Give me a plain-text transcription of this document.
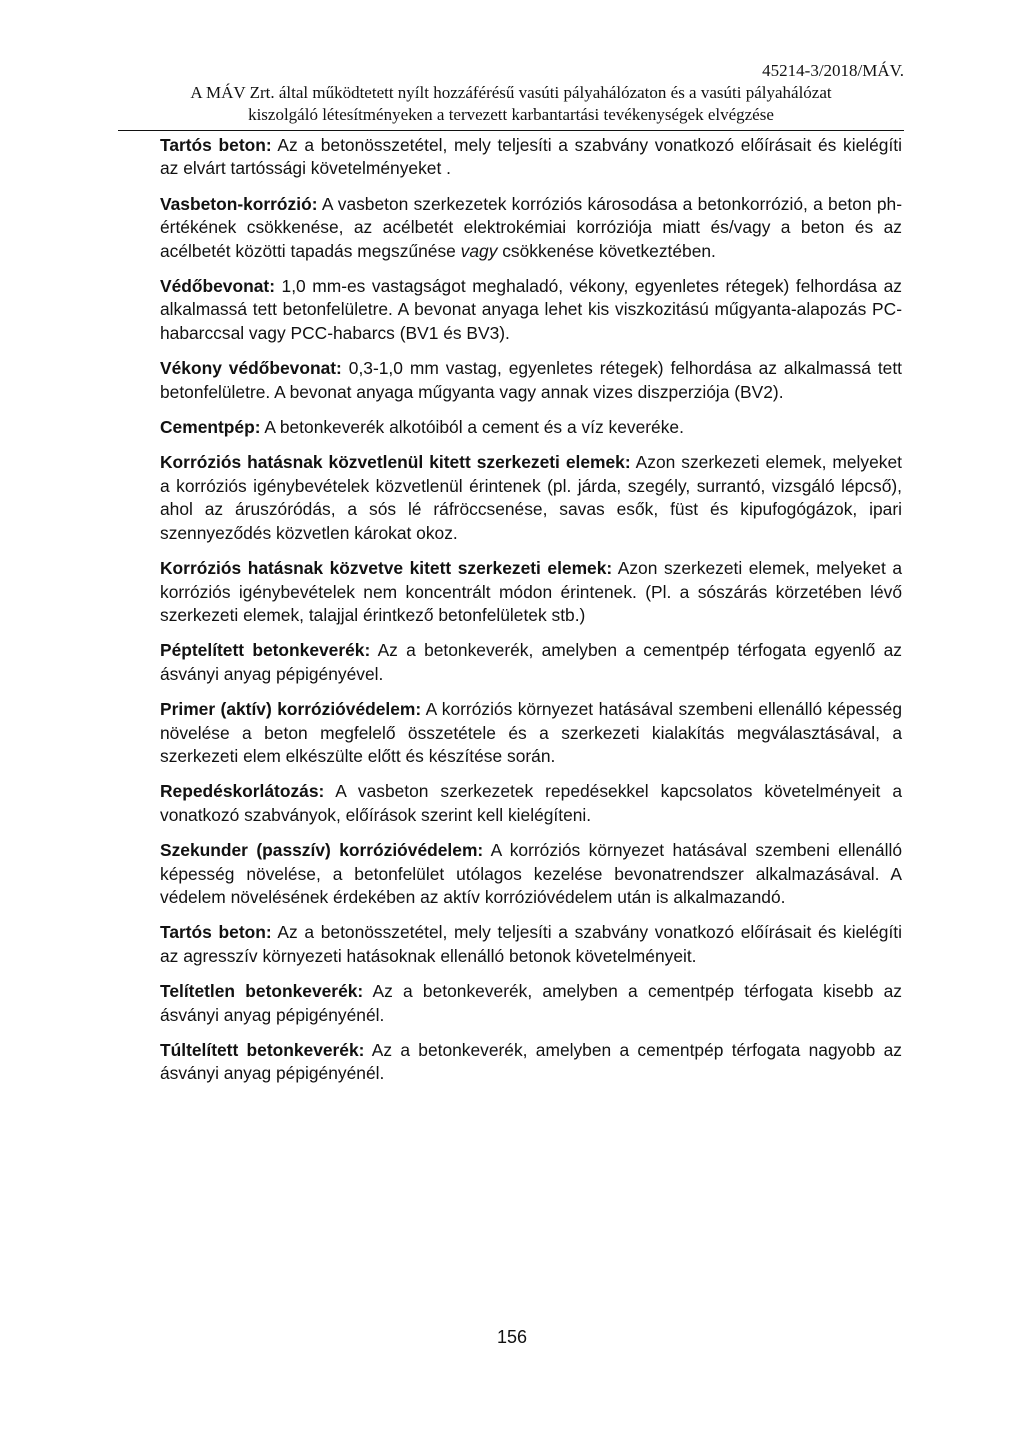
45214-3/2018/MÁV.
A MÁV Zrt. által működtetett nyílt hozzáférésű vasúti pályahálózaton és a vasúti pályahálózat
kiszolgáló létesítményeken a tervezett karbantartási tevékenységek elvégzése

Tartós beton: Az a betonösszetétel, mely teljesíti a szabvány vonatkozó előírásait és kielégíti az elvárt tartóssági követelményeket .

Vasbeton-korrózió: A vasbeton szerkezetek korróziós károsodása a betonkorrózió, a beton ph-értékének csökkenése, az acélbetét elektrokémiai korróziója miatt és/vagy a beton és az acélbetét közötti tapadás megszűnése vagy csökkenése következtében.

Védőbevonat: 1,0 mm-es vastagságot meghaladó, vékony, egyenletes rétegek) felhordása az alkalmassá tett betonfelületre. A bevonat anyaga lehet kis viszkozitású műgyanta-alapozás PC-habarccsal vagy PCC-habarcs (BV1 és BV3).

Vékony védőbevonat: 0,3-1,0 mm vastag, egyenletes rétegek) felhordása az alkalmassá tett betonfelületre. A bevonat anyaga műgyanta vagy annak vizes diszperziója (BV2).

Cementpép: A betonkeverék alkotóiból a cement és a víz keveréke.

Korróziós hatásnak közvetlenül kitett szerkezeti elemek: Azon szerkezeti elemek, melyeket a korróziós igénybevételek közvetlenül érintenek (pl. járda, szegély, surrantó, vizsgáló lépcső), ahol az áruszóródás, a sós lé ráfröccsenése, savas esők, füst és kipufogógázok, ipari szennyeződés közvetlen károkat okoz.

Korróziós hatásnak közvetve kitett szerkezeti elemek: Azon szerkezeti elemek, melyeket a korróziós igénybevételek nem koncentrált módon érintenek. (Pl. a sószárás körzetében lévő szerkezeti elemek, talajjal érintkező betonfelületek stb.)

Péptelített betonkeverék: Az a betonkeverék, amelyben a cementpép térfogata egyenlő az ásványi anyag pépigényével.

Primer (aktív) korrózióvédelem: A korróziós környezet hatásával szembeni ellenálló képesség növelése a beton megfelelő összetétele és a szerkezeti kialakítás megválasztásával, a szerkezeti elem elkészülte előtt és készítése során.

Repedéskorlátozás: A vasbeton szerkezetek repedésekkel kapcsolatos követelményeit a vonatkozó szabványok, előírások szerint kell kielégíteni.

Szekunder (passzív) korrózióvédelem: A korróziós környezet hatásával szembeni ellenálló képesség növelése, a betonfelület utólagos kezelése bevonatrendszer alkalmazásával. A védelem növelésének érdekében az aktív korrózióvédelem után is alkalmazandó.

Tartós beton: Az a betonösszetétel, mely teljesíti a szabvány vonatkozó előírásait és kielégíti az agresszív környezeti hatásoknak ellenálló betonok követelményeit.

Telítetlen betonkeverék: Az a betonkeverék, amelyben a cementpép térfogata kisebb az ásványi anyag pépigényénél.

Túltelített betonkeverék: Az a betonkeverék, amelyben a cementpép térfogata nagyobb az ásványi anyag pépigényénél.

156
